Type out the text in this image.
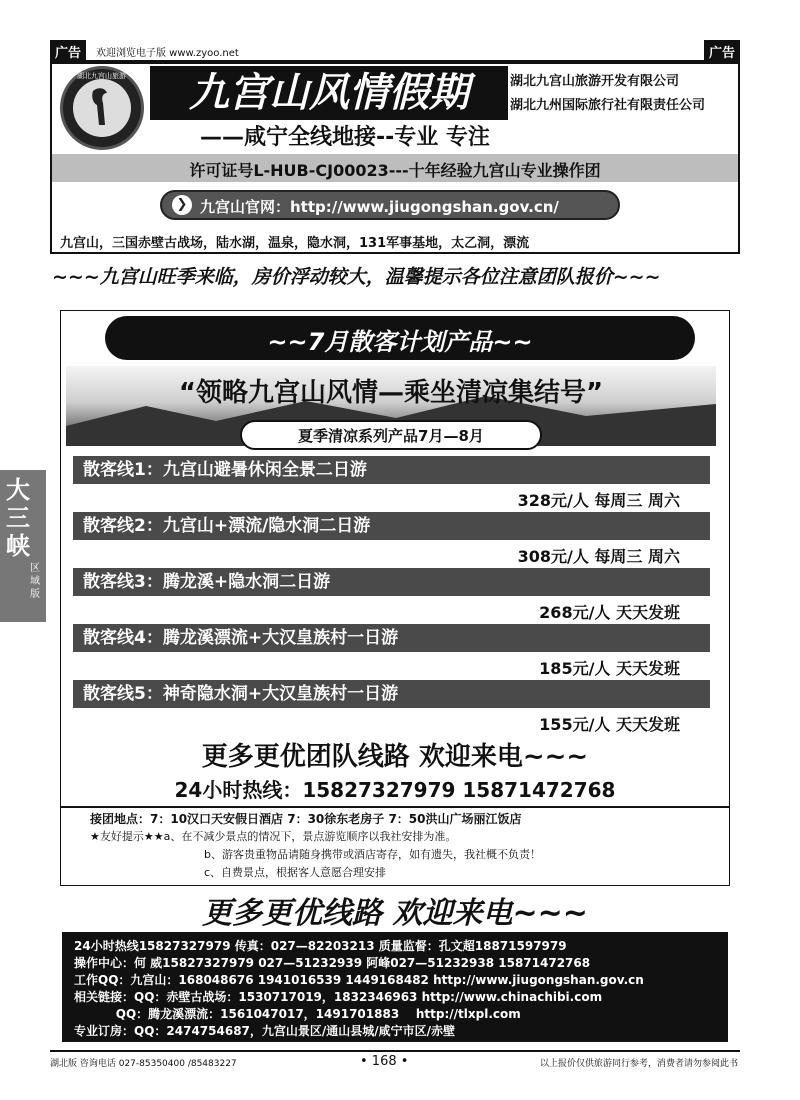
广告	欢迎浏览电子版 www.zyoo.net	广告
湖北九宫山旅游	九宫山风情假期	湖北九宫山旅游开发有限公司
湖北九州国际旅行社有限责任公司
——咸宁全线地接--专业 专注
许可证号L-HUB-CJ00023---十年经验九宫山专业操作团
❯ 九宫山官网：http://www.jiugongshan.gov.cn/
九宫山，三国赤壁古战场，陆水湖，温泉，隐水洞，131军事基地，太乙洞，漂流
~~~九宫山旺季来临，房价浮动较大，温馨提示各位注意团队报价~~~
大三峡
区域版
~~7月散客计划产品~~
“领略九宫山风情—乘坐清凉集结号”
夏季清凉系列产品7月—8月
散客线1：九宫山避暑休闲全景二日游
328元/人 每周三 周六
散客线2：九宫山+漂流/隐水洞二日游
308元/人 每周三 周六
散客线3：腾龙溪+隐水洞二日游
268元/人 天天发班
散客线4：腾龙溪漂流+大汉皇族村一日游
185元/人 天天发班
散客线5：神奇隐水洞+大汉皇族村一日游
155元/人 天天发班
更多更优团队线路 欢迎来电~~~
24小时热线：15827327979 15871472768
接团地点：7：10汉口天安假日酒店 7：30徐东老房子 7：50洪山广场丽江饭店
★友好提示★★a、在不减少景点的情况下，景点游览顺序以我社安排为准。
b、游客贵重物品请随身携带或酒店寄存，如有遗失，我社概不负责！
c、自费景点，根据客人意愿合理安排
更多更优线路 欢迎来电~~~
24小时热线15827327979 传真：027—82203213 质量监督：孔文超18871597979
操作中心：何 威15827327979 027—51232939 阿峰027—51232938 15871472768
工作QQ：九宫山：168048676 1941016539 1449168482 http://www.jiugongshan.gov.cn
相关链接：QQ：赤壁古战场：1530717019，1832346963 http://www.chinachibi.com
QQ：腾龙溪漂流：1561047017，1491701883    http://tlxpl.com
专业订房：QQ：2474754687，九宫山景区/通山县城/咸宁市区/赤壁
湖北版 咨询电话 027-85350400 /85483227	• 168 •	以上报价仅供旅游同行参考，消费者请勿参阅此书
